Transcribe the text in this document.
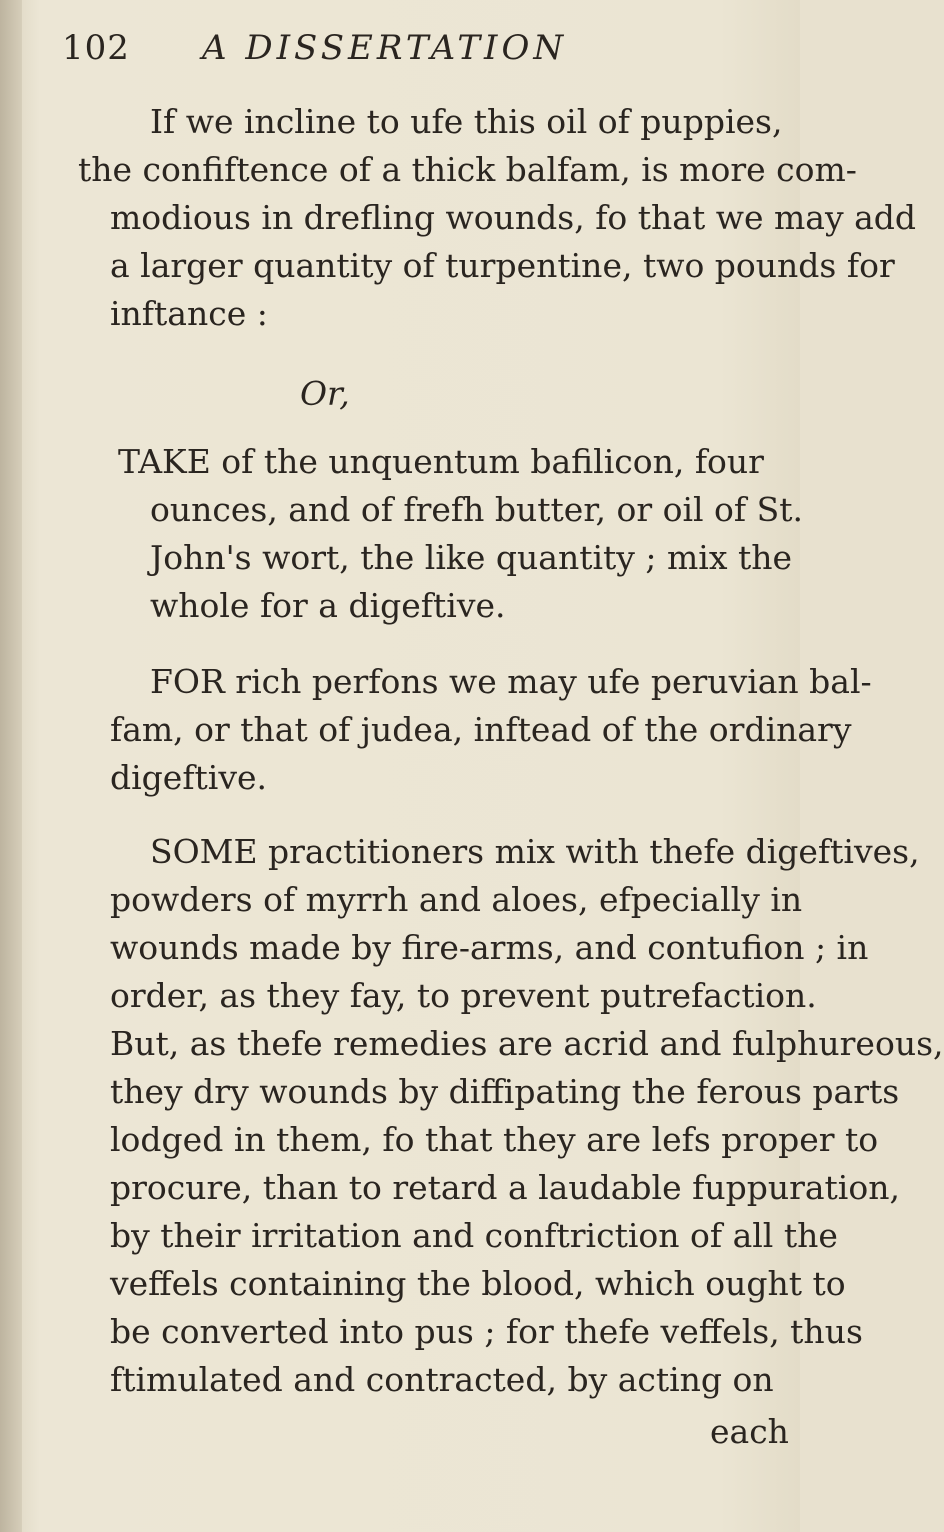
102 A DISSERTATION
If we incline to ufe this oil of puppies,
the confiftence of a thick balfam, is more com-
modious in drefling wounds, fo that we may add
a larger quantity of turpentine, two pounds for
inftance :
Or,
TAKE of the unquentum bafilicon, four
ounces, and of frefh butter, or oil of St.
John's wort, the like quantity ; mix the
whole for a digeftive.
FOR rich perfons we may ufe peruvian bal-
fam, or that of judea, inftead of the ordinary
digeftive.
SOME practitioners mix with thefe digeftives,
powders of myrrh and aloes, efpecially in
wounds made by fire-arms, and contufion ; in
order, as they fay, to prevent putrefaction.
But, as thefe remedies are acrid and fulphureous,
they dry wounds by diffipating the ferous parts
lodged in them, fo that they are lefs proper to
procure, than to retard a laudable fuppuration,
by their irritation and conftriction of all the
veffels containing the blood, which ought to
be converted into pus ; for thefe veffels, thus
ftimulated and contracted, by acting on
each
